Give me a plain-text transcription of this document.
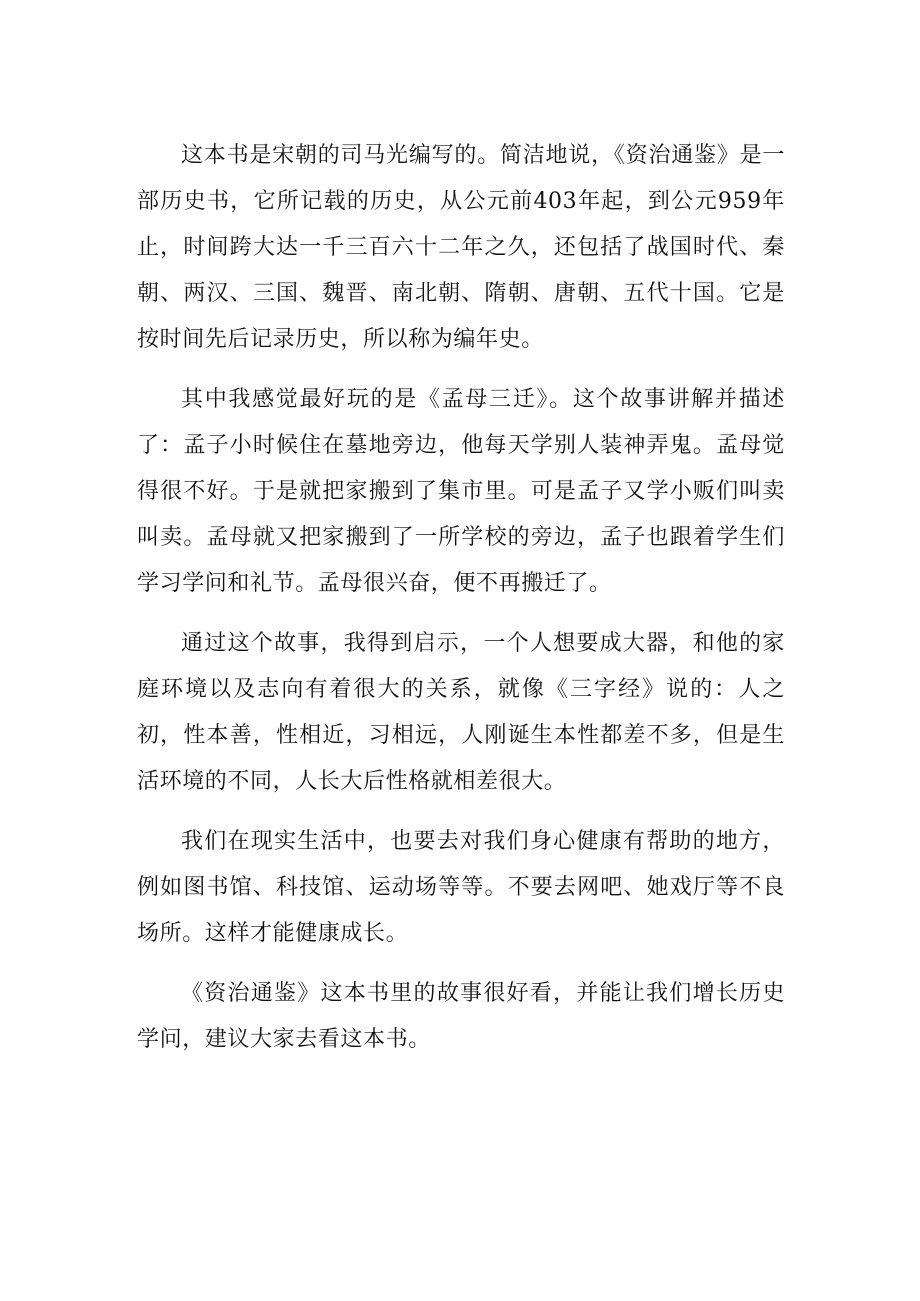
这本书是宋朝的司马光编写的。简洁地说，《资治通鉴》是一部历史书，它所记载的历史，从公元前403年起，到公元959年止，时间跨大达一千三百六十二年之久，还包括了战国时代、秦朝、两汉、三国、魏晋、南北朝、隋朝、唐朝、五代十国。它是按时间先后记录历史，所以称为编年史。

其中我感觉最好玩的是《孟母三迁》。这个故事讲解并描述了：孟子小时候住在墓地旁边，他每天学别人装神弄鬼。孟母觉得很不好。于是就把家搬到了集市里。可是孟子又学小贩们叫卖叫卖。孟母就又把家搬到了一所学校的旁边，孟子也跟着学生们学习学问和礼节。孟母很兴奋，便不再搬迁了。

通过这个故事，我得到启示，一个人想要成大器，和他的家庭环境以及志向有着很大的关系，就像《三字经》说的：人之初，性本善，性相近，习相远，人刚诞生本性都差不多，但是生活环境的不同，人长大后性格就相差很大。

我们在现实生活中，也要去对我们身心健康有帮助的地方，例如图书馆、科技馆、运动场等等。不要去网吧、她戏厅等不良场所。这样才能健康成长。

《资治通鉴》这本书里的故事很好看，并能让我们增长历史学问，建议大家去看这本书。
